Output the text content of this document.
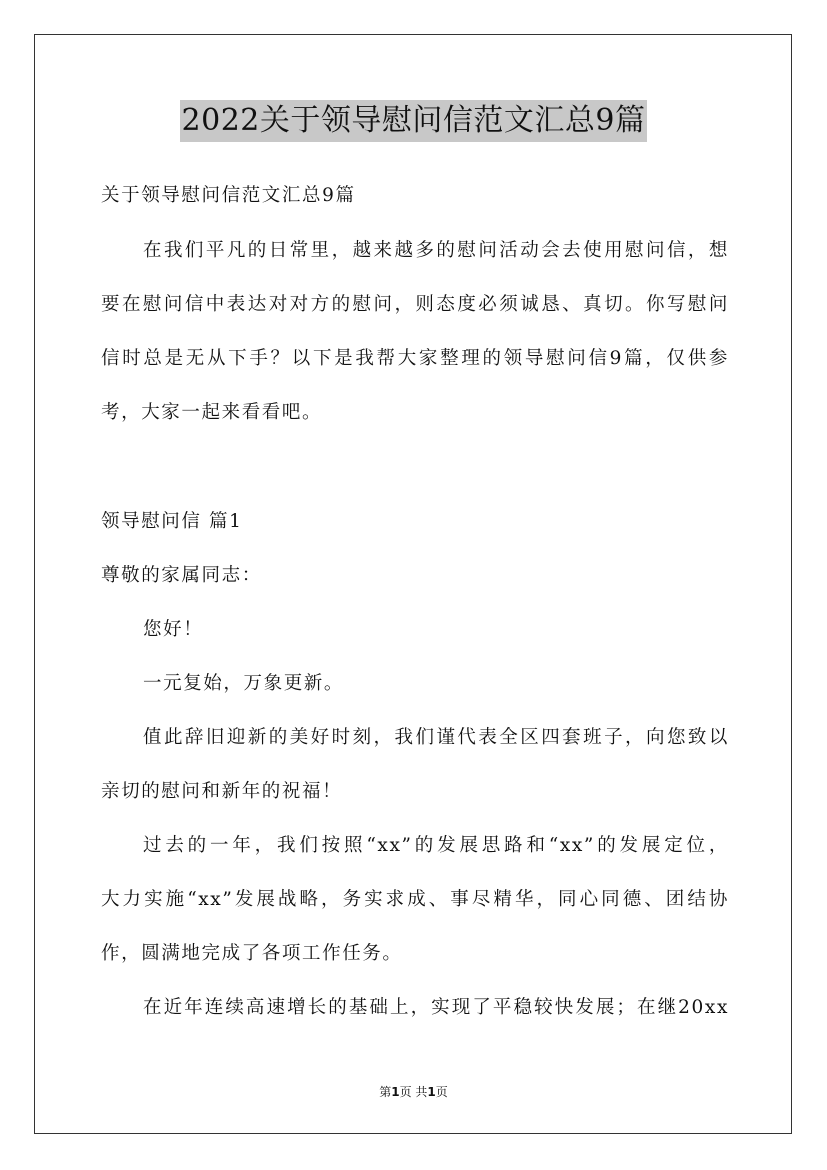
2022关于领导慰问信范文汇总9篇
关于领导慰问信范文汇总9篇
在我们平凡的日常里，越来越多的慰问活动会去使用慰问信，想
要在慰问信中表达对对方的慰问，则态度必须诚恳、真切。你写慰问
信时总是无从下手？以下是我帮大家整理的领导慰问信9篇，仅供参
考，大家一起来看看吧。
领导慰问信 篇1
尊敬的家属同志：
您好！
一元复始，万象更新。
值此辞旧迎新的美好时刻，我们谨代表全区四套班子，向您致以
亲切的慰问和新年的祝福！
过去的一年，我们按照“xx”的发展思路和“xx”的发展定位，
大力实施“xx”发展战略，务实求成、事尽精华，同心同德、团结协
作，圆满地完成了各项工作任务。
在近年连续高速增长的基础上，实现了平稳较快发展；在继20xx
第1页 共1页
